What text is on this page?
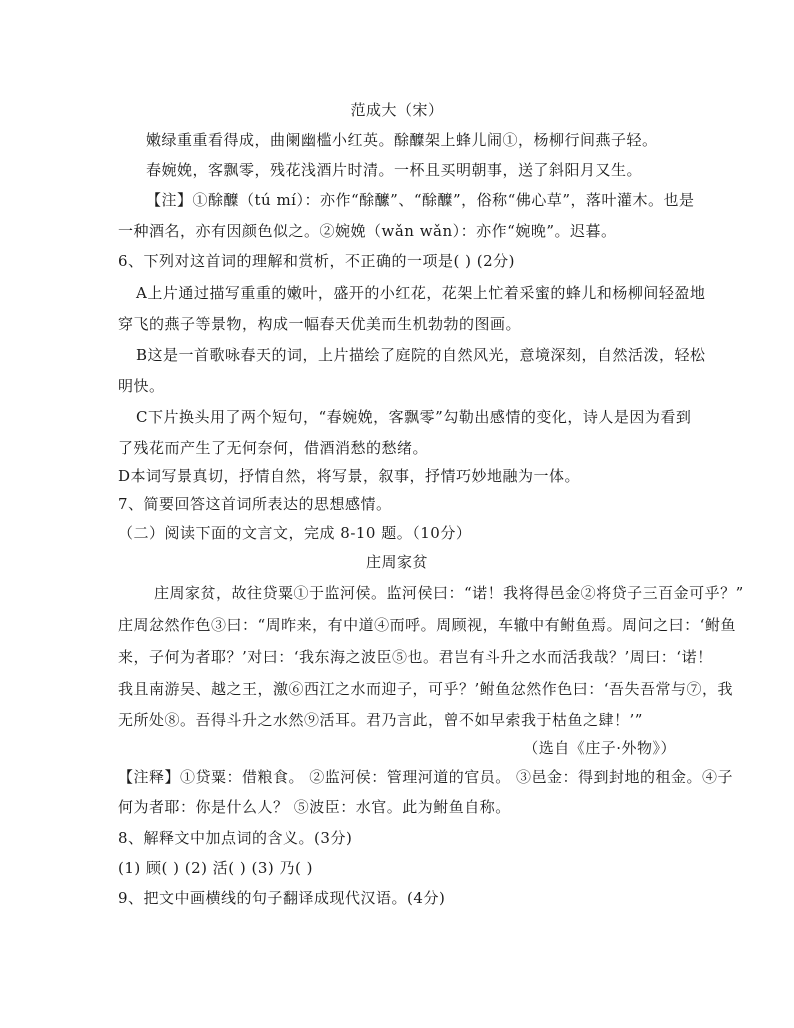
范成大（宋）
嫩绿重重看得成，曲阑幽槛小红英。酴醾架上蜂儿闹①，杨柳行间燕子轻。
春婉娩，客飘零，残花浅酒片时清。一杯且买明朝事，送了斜阳月又生。
【注】①酴醾（tú mí）：亦作“酴醿”、“酴醾”，俗称“佛心草”，落叶灌木。也是
一种酒名，亦有因颜色似之。②婉娩（wǎn wǎn）：亦作“婉晚”。迟暮。
6、下列对这首词的理解和赏析，不正确的一项是( ) (2分)
A上片通过描写重重的嫩叶，盛开的小红花，花架上忙着采蜜的蜂儿和杨柳间轻盈地
穿飞的燕子等景物，构成一幅春天优美而生机勃勃的图画。
B这是一首歌咏春天的词，上片描绘了庭院的自然风光，意境深刻，自然活泼，轻松
明快。
C下片换头用了两个短句，“春婉娩，客飘零”勾勒出感情的变化，诗人是因为看到
了残花而产生了无何奈何，借酒消愁的愁绪。
D本词写景真切，抒情自然，将写景，叙事，抒情巧妙地融为一体。
7、简要回答这首词所表达的思想感情。
（二）阅读下面的文言文，完成 8-10 题。（10分）
庄周家贫
庄周家贫，故往贷粟①于监河侯。监河侯曰：“诺！我将得邑金②将贷子三百金可乎？”
庄周忿然作色③曰：“周昨来，有中道④而呼。周顾视，车辙中有鲋鱼焉。周问之曰：‘鲋鱼
来，子何为者耶？’对曰：‘我东海之波臣⑤也。君岂有斗升之水而活我哉？’周曰：‘诺！
我且南游吴、越之王，激⑥西江之水而迎子，可乎？’鲋鱼忿然作色曰：‘吾失吾常与⑦，我
无所处⑧。吾得斗升之水然⑨活耳。君乃言此，曾不如早索我于枯鱼之肆！’”
（选自《庄子·外物》）
【注释】①贷粟：借粮食。 ②监河侯：管理河道的官员。 ③邑金：得到封地的租金。④子
何为者耶：你是什么人？ ⑤波臣：水官。此为鲋鱼自称。
8、解释文中加点词的含义。(3分)
(1) 顾( ) (2) 活( ) (3) 乃( )
9、把文中画横线的句子翻译成现代汉语。(4分)
